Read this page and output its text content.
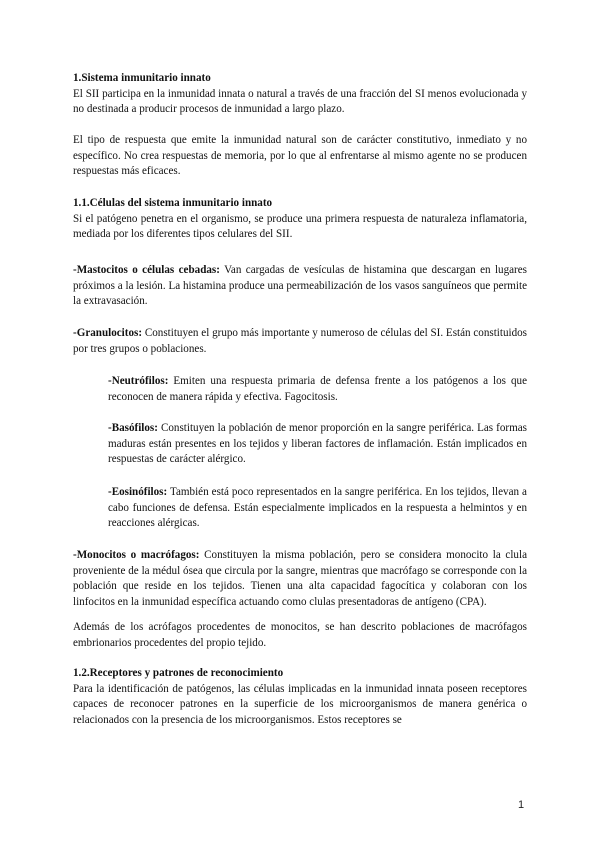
1.Sistema inmunitario innato

El SII participa en la inmunidad innata o natural a través de una fracción del SI menos evolucionada y no destinada a producir procesos de inmunidad a largo plazo.

El tipo de respuesta que emite la inmunidad natural son de carácter constitutivo, inmediato y no específico. No crea respuestas de memoria, por lo que al enfrentarse al mismo agente no se producen respuestas más eficaces.

1.1.Células del sistema inmunitario innato

Si el patógeno penetra en el organismo, se produce una primera respuesta de naturaleza inflamatoria, mediada por los diferentes tipos celulares del SII.

-Mastocitos o células cebadas: Van cargadas de vesículas de histamina que descargan en lugares próximos a la lesión. La histamina produce una permeabilización de los vasos sanguíneos que permite la extravasación.

-Granulocitos: Constituyen el grupo más importante y numeroso de células del SI. Están constituidos por tres grupos o poblaciones.

-Neutrófilos: Emiten una respuesta primaria de defensa frente a los patógenos a los que reconocen de manera rápida y efectiva. Fagocitosis.

-Basófilos: Constituyen la población de menor proporción en la sangre periférica. Las formas maduras están presentes en los tejidos y liberan factores de inflamación. Están implicados en respuestas de carácter alérgico.

-Eosinófilos: También está poco representados en la sangre periférica. En los tejidos, llevan a cabo funciones de defensa. Están especialmente implicados en la respuesta a helmintos y en reacciones alérgicas.

-Monocitos o macrófagos: Constituyen la misma población, pero se considera monocito la clula proveniente de la médul ósea que circula por la sangre, mientras que macrófago se corresponde con la población que reside en los tejidos. Tienen una alta capacidad fagocítica y colaboran con los linfocitos en la inmunidad específica actuando como clulas presentadoras de antígeno (CPA).

Además de los acrófagos procedentes de monocitos, se han descrito poblaciones de macrófagos embrionarios procedentes del propio tejido.

1.2.Receptores y patrones de reconocimiento

Para la identificación de patógenos, las células implicadas en la inmunidad innata poseen receptores capaces de reconocer patrones en la superficie de los microorganismos de manera genérica o relacionados con la presencia de los microorganismos. Estos receptores se

1
